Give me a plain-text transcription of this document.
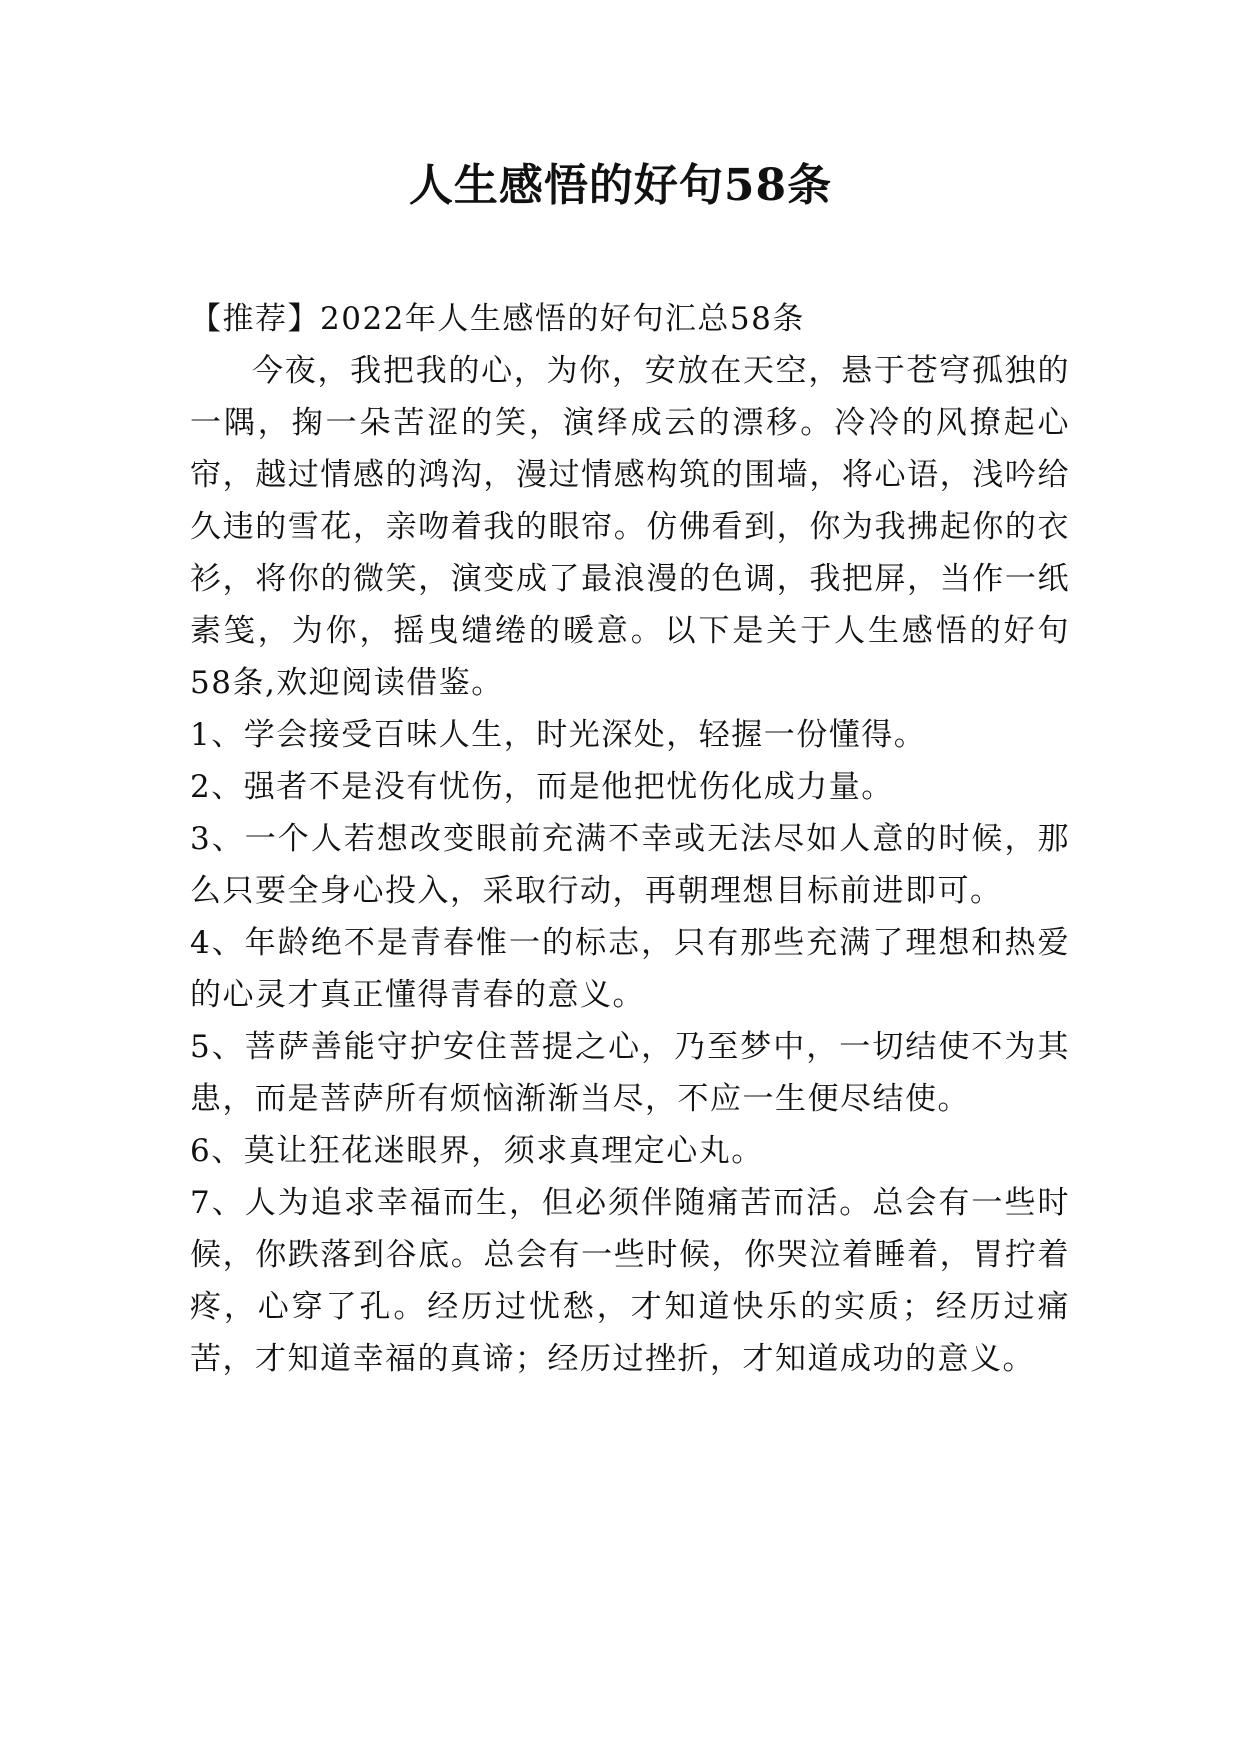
人生感悟的好句58条

【推荐】2022年人生感悟的好句汇总58条

今夜，我把我的心，为你，安放在天空，悬于苍穹孤独的一隅，掬一朵苦涩的笑，演绎成云的漂移。冷冷的风撩起心帘，越过情感的鸿沟，漫过情感构筑的围墙，将心语，浅吟给久违的雪花，亲吻着我的眼帘。仿佛看到，你为我拂起你的衣衫，将你的微笑，演变成了最浪漫的色调，我把屏，当作一纸素笺，为你，摇曳缱绻的暖意。以下是关于人生感悟的好句58条,欢迎阅读借鉴。

1、学会接受百味人生，时光深处，轻握一份懂得。

2、强者不是没有忧伤，而是他把忧伤化成力量。

3、一个人若想改变眼前充满不幸或无法尽如人意的时候，那么只要全身心投入，采取行动，再朝理想目标前进即可。

4、年龄绝不是青春惟一的标志，只有那些充满了理想和热爱的心灵才真正懂得青春的意义。

5、菩萨善能守护安住菩提之心，乃至梦中，一切结使不为其患，而是菩萨所有烦恼渐渐当尽，不应一生便尽结使。

6、莫让狂花迷眼界，须求真理定心丸。

7、人为追求幸福而生，但必须伴随痛苦而活。总会有一些时候，你跌落到谷底。总会有一些时候，你哭泣着睡着，胃拧着疼，心穿了孔。经历过忧愁，才知道快乐的实质；经历过痛苦，才知道幸福的真谛；经历过挫折，才知道成功的意义。
